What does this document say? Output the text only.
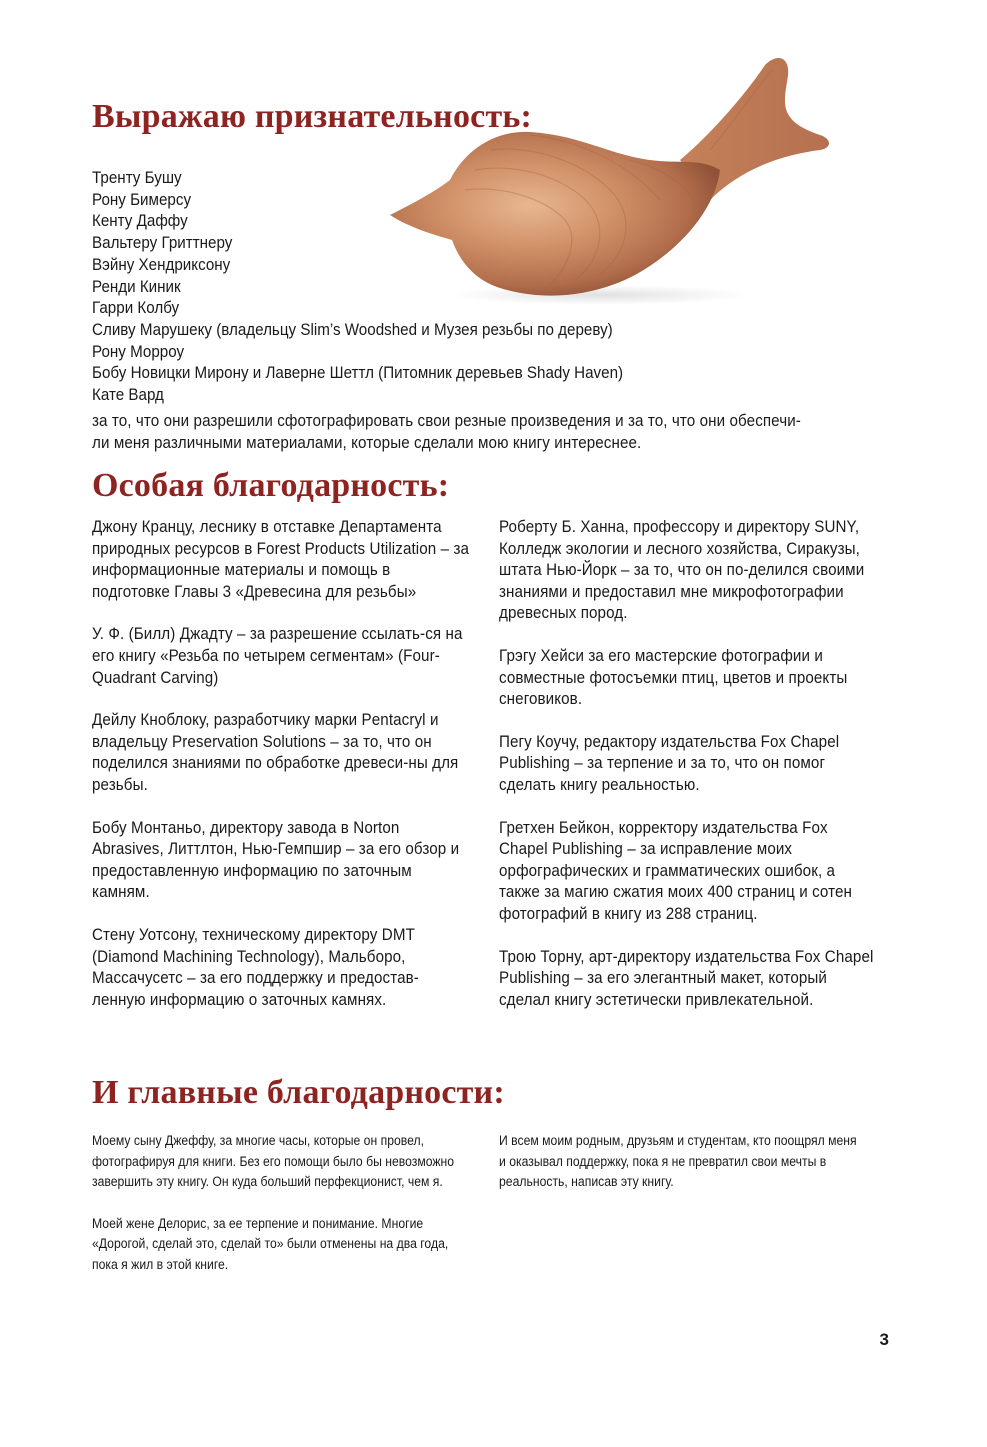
Выражаю признательность:
Тренту Бушу
Рону Бимерсу
Кенту Даффу
Вальтеру Гриттнеру
Вэйну Хендриксону
Ренди Киник
Гарри Колбу
Сливу Марушеку (владельцу Slim’s Woodshed и Музея резьбы по дереву)
Рону Морроу
Бобу Новицки Мирону и Лаверне Шеттл (Питомник деревьев Shady Haven)
Кате Вард
за то, что они разрешили сфотографировать свои резные произведения и за то, что они обеспечи-
ли меня различными материалами, которые сделали мою книгу интереснее.
Особая благодарность:

Джону Кранцу, леснику в отставке Департамента природных ресурсов в Forest Products Utilization – за информационные материалы и помощь в подготовке Главы 3 «Древесина для резьбы»

У. Ф. (Билл) Джадту – за разрешение ссылать-ся на его книгу «Резьба по четырем сегментам» (Four-Quadrant Carving)

Дейлу Кноблоку, разработчику марки Pentacryl и владельцу Preservation Solutions – за то, что он поделился знаниями по обработке древеси-ны для резьбы.

Бобу Монтаньо, директору завода в Norton Abrasives, Литтлтон, Нью-Гемпшир – за его обзор и предоставленную информацию по заточным камням.

Стену Уотсону, техническому директору DMT (Diamond Machining Technology), Мальборо, Массачусетс – за его поддержку и предостав-ленную информацию о заточных камнях.

Роберту Б. Ханна, профессору и директору SUNY, Колледж экологии и лесного хозяйства, Сиракузы, штата Нью-Йорк – за то, что он по-делился своими знаниями и предоставил мне микрофотографии древесных пород.

Грэгу Хейси за его мастерские фотографии и совместные фотосъемки птиц, цветов и проекты снеговиков.

Пегу Коучу, редактору издательства Fox Chapel Publishing – за терпение и за то, что он помог сделать книгу реальностью.

Гретхен Бейкон, корректору издательства Fox Chapel Publishing – за исправление моих орфографических и грамматических ошибок, а также за магию сжатия моих 400 страниц и сотен фотографий в книгу из 288 страниц.

Трою Торну, арт-директору издательства Fox Chapel Publishing – за его элегантный макет, который сделал книгу эстетически привлекательной.

И главные благодарности:

Моему сыну Джеффу, за многие часы, которые он провел, фотографируя для книги. Без его помощи было бы невозможно завершить эту книгу. Он куда больший перфекционист, чем я.

Моей жене Делорис, за ее терпение и понимание. Многие «Дорогой, сделай это, сделай то» были отменены на два года, пока я жил в этой книге.

И всем моим родным, друзьям и студентам, кто поощрял меня и оказывал поддержку, пока я не превратил свои мечты в реальность, написав эту книгу.

3
